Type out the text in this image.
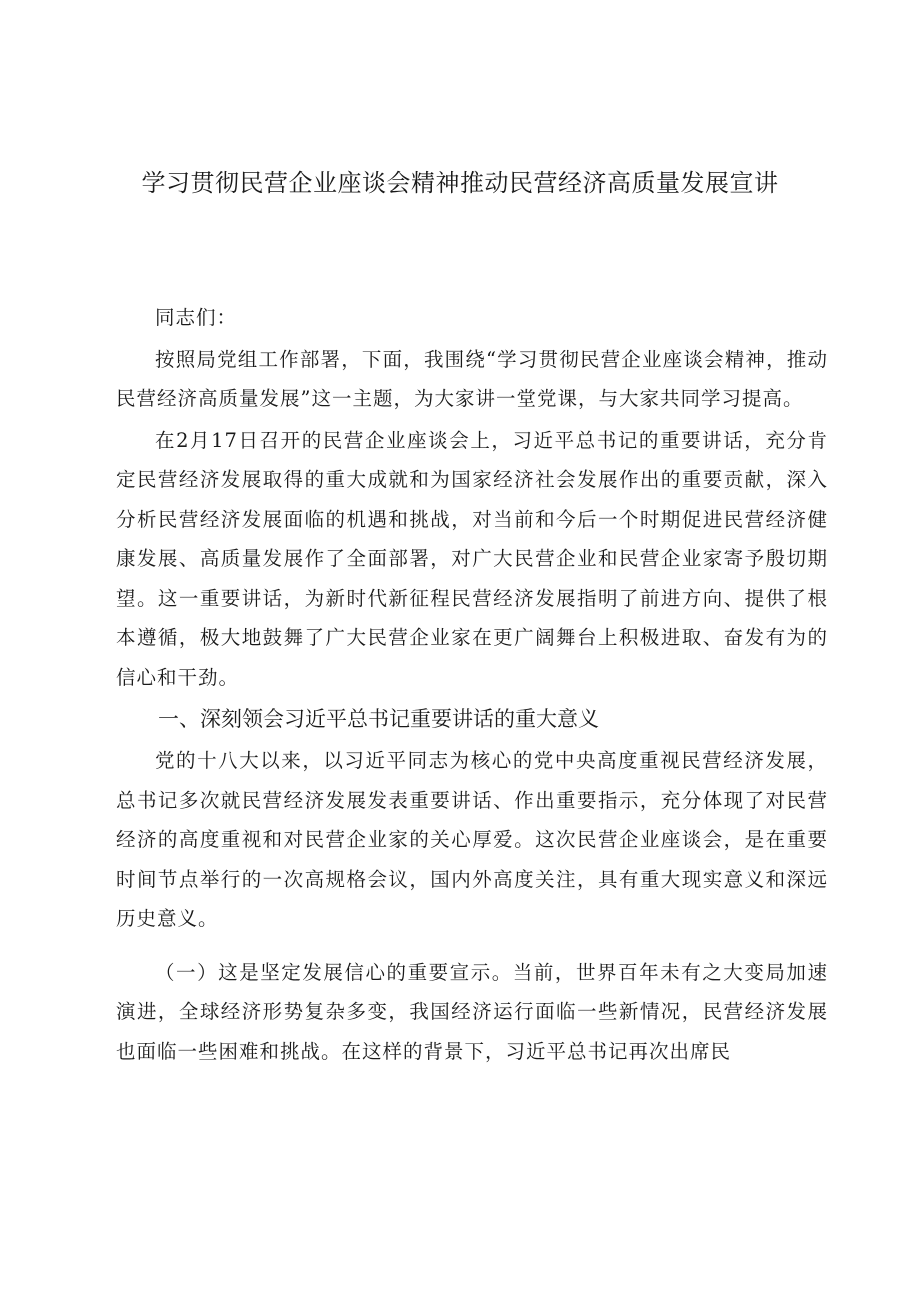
学习贯彻民营企业座谈会精神推动民营经济高质量发展宣讲

同志们：

按照局党组工作部署，下面，我围绕“学习贯彻民营企业座谈会精神，推动民营经济高质量发展”这一主题，为大家讲一堂党课，与大家共同学习提高。

在2月17日召开的民营企业座谈会上，习近平总书记的重要讲话，充分肯定民营经济发展取得的重大成就和为国家经济社会发展作出的重要贡献，深入分析民营经济发展面临的机遇和挑战，对当前和今后一个时期促进民营经济健康发展、高质量发展作了全面部署，对广大民营企业和民营企业家寄予殷切期望。这一重要讲话，为新时代新征程民营经济发展指明了前进方向、提供了根本遵循，极大地鼓舞了广大民营企业家在更广阔舞台上积极进取、奋发有为的信心和干劲。

一、深刻领会习近平总书记重要讲话的重大意义

党的十八大以来，以习近平同志为核心的党中央高度重视民营经济发展，总书记多次就民营经济发展发表重要讲话、作出重要指示，充分体现了对民营经济的高度重视和对民营企业家的关心厚爱。这次民营企业座谈会，是在重要时间节点举行的一次高规格会议，国内外高度关注，具有重大现实意义和深远历史意义。

（一）这是坚定发展信心的重要宣示。当前，世界百年未有之大变局加速演进，全球经济形势复杂多变，我国经济运行面临一些新情况，民营经济发展也面临一些困难和挑战。在这样的背景下，习近平总书记再次出席民
